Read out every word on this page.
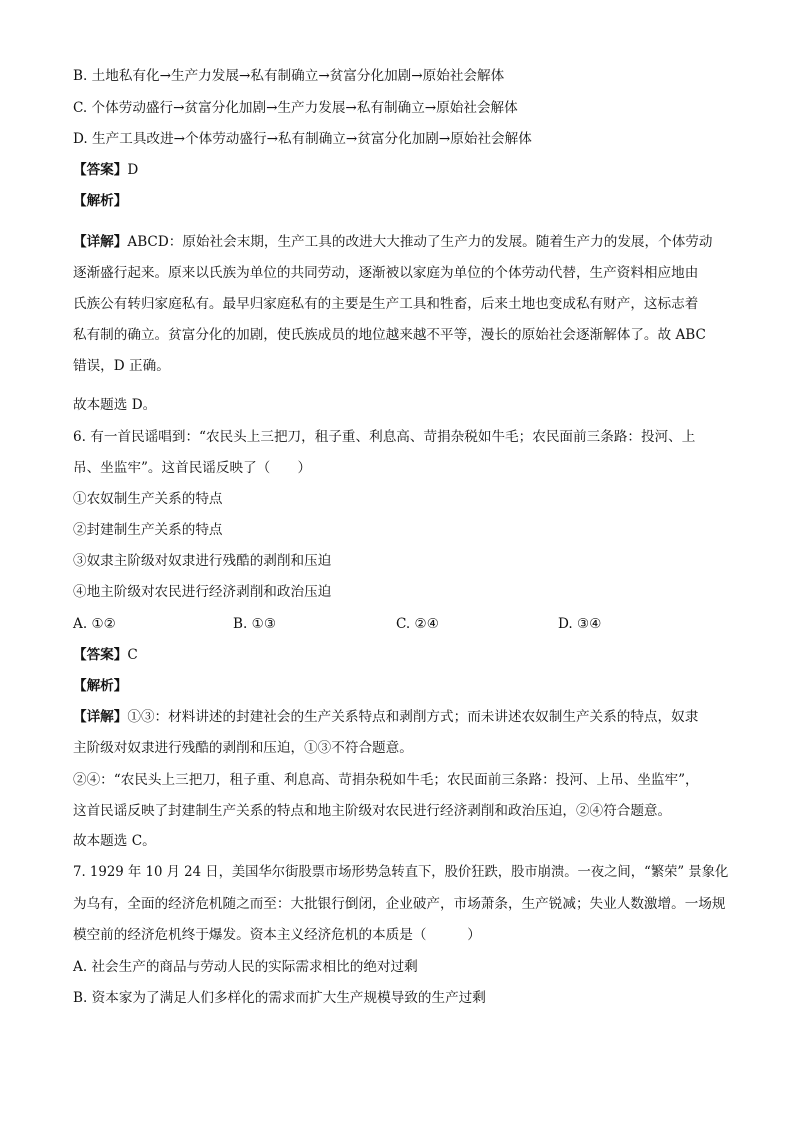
B. 土地私有化→生产力发展→私有制确立→贫富分化加剧→原始社会解体
C. 个体劳动盛行→贫富分化加剧→生产力发展→私有制确立→原始社会解体
D. 生产工具改进→个体劳动盛行→私有制确立→贫富分化加剧→原始社会解体
【答案】D
【解析】
【详解】ABCD：原始社会末期，生产工具的改进大大推动了生产力的发展。随着生产力的发展，个体劳动
逐渐盛行起来。原来以氏族为单位的共同劳动，逐渐被以家庭为单位的个体劳动代替，生产资料相应地由
氏族公有转归家庭私有。最早归家庭私有的主要是生产工具和牲畜，后来土地也变成私有财产，这标志着
私有制的确立。贫富分化的加剧，使氏族成员的地位越来越不平等，漫长的原始社会逐渐解体了。故 ABC
错误，D 正确。
故本题选 D。
6. 有一首民谣唱到：“农民头上三把刀，租子重、利息高、苛捐杂税如牛毛；农民面前三条路：投河、上
吊、坐监牢”。这首民谣反映了（　　）
①农奴制生产关系的特点
②封建制生产关系的特点
③奴隶主阶级对奴隶进行残酷的剥削和压迫
④地主阶级对农民进行经济剥削和政治压迫
A. ①②	B. ①③	C. ②④	D. ③④
【答案】C
【解析】
【详解】①③：材料讲述的封建社会的生产关系特点和剥削方式；而未讲述农奴制生产关系的特点，奴隶
主阶级对奴隶进行残酷的剥削和压迫，①③不符合题意。
②④：“农民头上三把刀，租子重、利息高、苛捐杂税如牛毛；农民面前三条路：投河、上吊、坐监牢”，
这首民谣反映了封建制生产关系的特点和地主阶级对农民进行经济剥削和政治压迫，②④符合题意。
故本题选 C。
7. 1929 年 10 月 24 日，美国华尔街股票市场形势急转直下，股价狂跌，股市崩溃。一夜之间，“繁荣” 景象化
为乌有，全面的经济危机随之而至：大批银行倒闭，企业破产，市场萧条，生产锐减；失业人数激增。一场规
模空前的经济危机终于爆发。资本主义经济危机的本质是（　　　）
A. 社会生产的商品与劳动人民的实际需求相比的绝对过剩
B. 资本家为了满足人们多样化的需求而扩大生产规模导致的生产过剩
